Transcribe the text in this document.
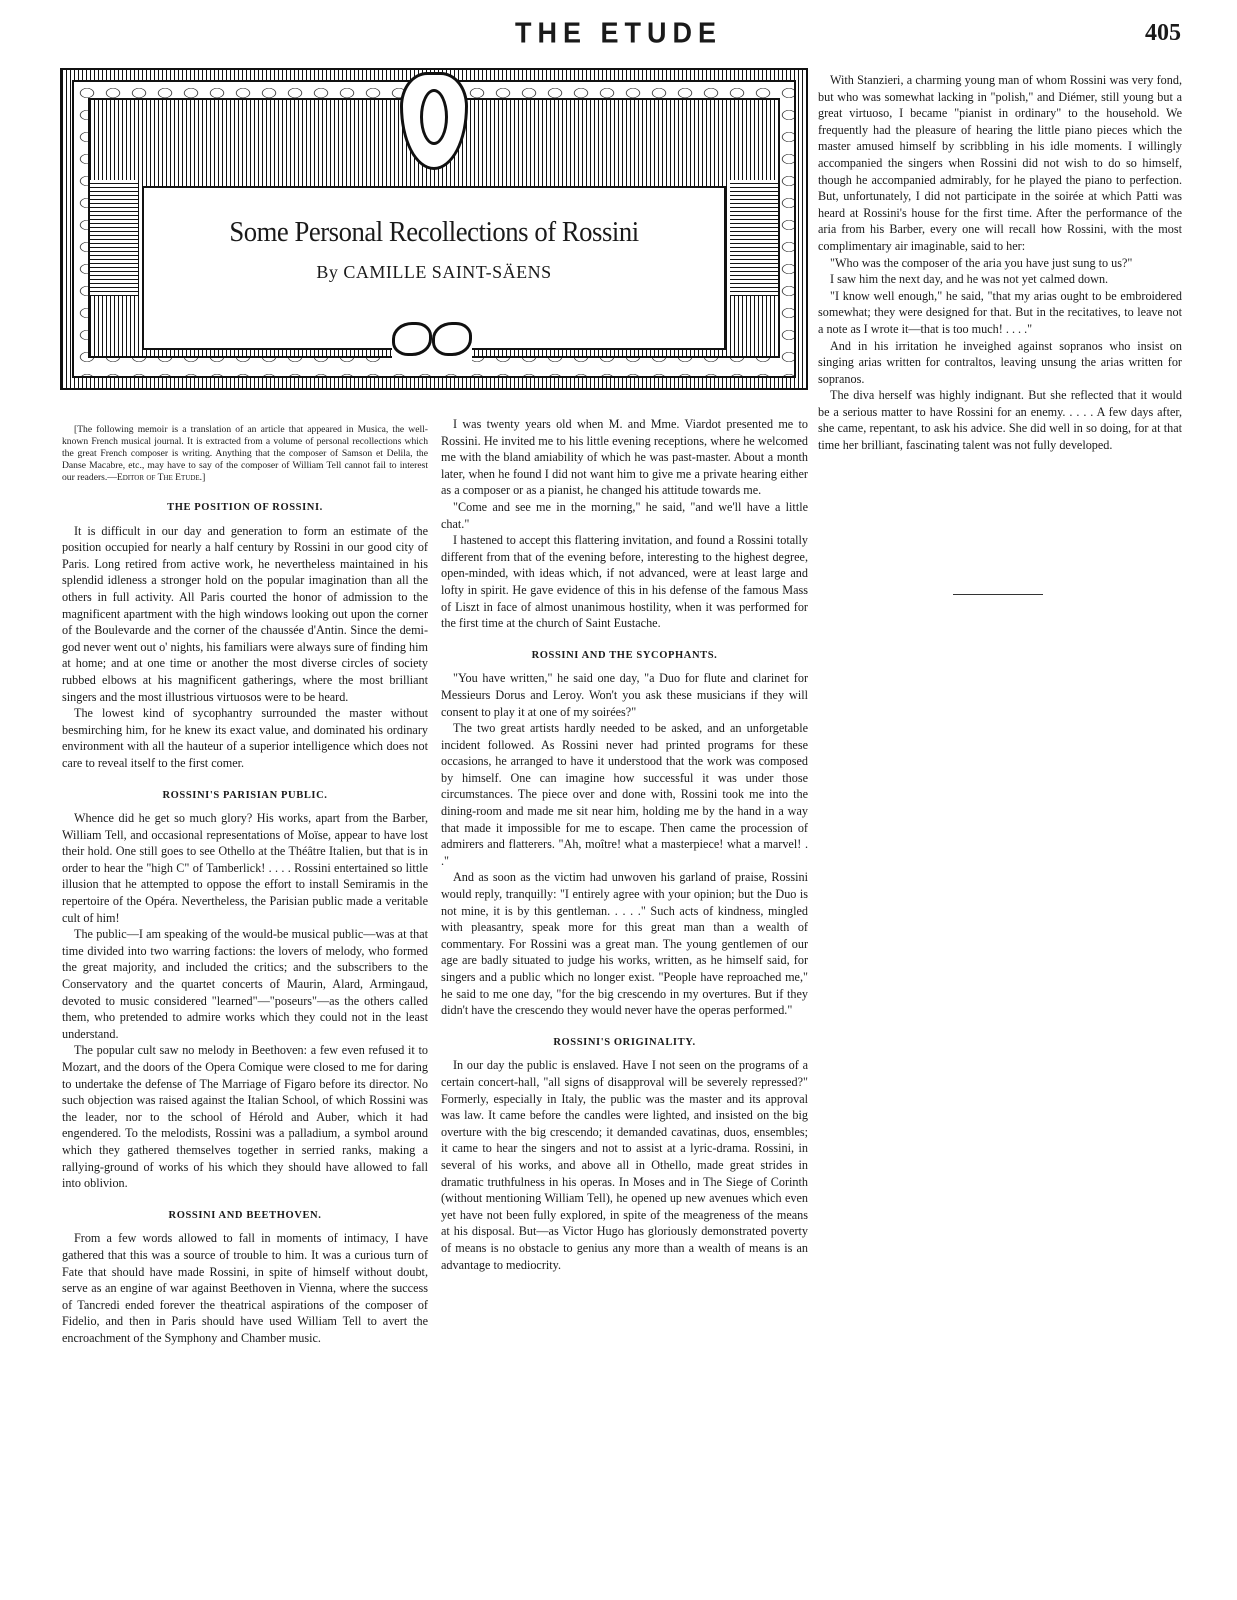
THE ETUDE	405
Some Personal Recollections of Rossini
By CAMILLE SAINT-SÄENS

[The following memoir is a translation of an article that appeared in Musica, the well-known French musical journal. It is extracted from a volume of personal recollections which the great French composer is writing. Anything that the composer of Samson et Delila, the Danse Macabre, etc., may have to say of the composer of William Tell cannot fail to interest our readers.—Editor of The Etude.]

THE POSITION OF ROSSINI.

It is difficult in our day and generation to form an estimate of the position occupied for nearly a half century by Rossini in our good city of Paris. Long retired from active work, he nevertheless maintained in his splendid idleness a stronger hold on the popular imagination than all the others in full activity. All Paris courted the honor of admission to the magnificent apartment with the high windows looking out upon the corner of the Boulevarde and the corner of the chaussée d'Antin. Since the demi-god never went out o' nights, his familiars were always sure of finding him at home; and at one time or another the most diverse circles of society rubbed elbows at his magnificent gatherings, where the most brilliant singers and the most illustrious virtuosos were to be heard.

The lowest kind of sycophantry surrounded the master without besmirching him, for he knew its exact value, and dominated his ordinary environment with all the hauteur of a superior intelligence which does not care to reveal itself to the first comer.

ROSSINI'S PARISIAN PUBLIC.

Whence did he get so much glory? His works, apart from the Barber, William Tell, and occasional representations of Moïse, appear to have lost their hold. One still goes to see Othello at the Théâtre Italien, but that is in order to hear the "high C" of Tamberlick! . . . . Rossini entertained so little illusion that he attempted to oppose the effort to install Semiramis in the repertoire of the Opéra. Nevertheless, the Parisian public made a veritable cult of him!

The public—I am speaking of the would-be musical public—was at that time divided into two warring factions: the lovers of melody, who formed the great majority, and included the critics; and the subscribers to the Conservatory and the quartet concerts of Maurin, Alard, Armingaud, devoted to music considered "learned"—"poseurs"—as the others called them, who pretended to admire works which they could not in the least understand.

The popular cult saw no melody in Beethoven: a few even refused it to Mozart, and the doors of the Opera Comique were closed to me for daring to undertake the defense of The Marriage of Figaro before its director. No such objection was raised against the Italian School, of which Rossini was the leader, nor to the school of Hérold and Auber, which it had engendered. To the melodists, Rossini was a palladium, a symbol around which they gathered themselves together in serried ranks, making a rallying-ground of works of his which they should have allowed to fall into oblivion.

ROSSINI AND BEETHOVEN.

From a few words allowed to fall in moments of intimacy, I have gathered that this was a source of trouble to him. It was a curious turn of Fate that should have made Rossini, in spite of himself without doubt, serve as an engine of war against Beethoven in Vienna, where the success of Tancredi ended forever the theatrical aspirations of the composer of Fidelio, and then in Paris should have used William Tell to avert the encroachment of the Symphony and Chamber music.

I was twenty years old when M. and Mme. Viardot presented me to Rossini. He invited me to his little evening receptions, where he welcomed me with the bland amiability of which he was past-master. About a month later, when he found I did not want him to give me a private hearing either as a composer or as a pianist, he changed his attitude towards me.

"Come and see me in the morning," he said, "and we'll have a little chat."

I hastened to accept this flattering invitation, and found a Rossini totally different from that of the evening before, interesting to the highest degree, open-minded, with ideas which, if not advanced, were at least large and lofty in spirit. He gave evidence of this in his defense of the famous Mass of Liszt in face of almost unanimous hostility, when it was performed for the first time at the church of Saint Eustache.

ROSSINI AND THE SYCOPHANTS.

"You have written," he said one day, "a Duo for flute and clarinet for Messieurs Dorus and Leroy. Won't you ask these musicians if they will consent to play it at one of my soirées?"

The two great artists hardly needed to be asked, and an unforgetable incident followed. As Rossini never had printed programs for these occasions, he arranged to have it understood that the work was composed by himself. One can imagine how successful it was under those circumstances. The piece over and done with, Rossini took me into the dining-room and made me sit near him, holding me by the hand in a way that made it impossible for me to escape. Then came the procession of admirers and flatterers. "Ah, moître! what a masterpiece! what a marvel! . ."

And as soon as the victim had unwoven his garland of praise, Rossini would reply, tranquilly: "I entirely agree with your opinion; but the Duo is not mine, it is by this gentleman. . . . ." Such acts of kindness, mingled with pleasantry, speak more for this great man than a wealth of commentary. For Rossini was a great man. The young gentlemen of our age are badly situated to judge his works, written, as he himself said, for singers and a public which no longer exist. "People have reproached me," he said to me one day, "for the big crescendo in my overtures. But if they didn't have the crescendo they would never have the operas performed."

ROSSINI'S ORIGINALITY.

In our day the public is enslaved. Have I not seen on the programs of a certain concert-hall, "all signs of disapproval will be severely repressed?" Formerly, especially in Italy, the public was the master and its approval was law. It came before the candles were lighted, and insisted on the big overture with the big crescendo; it demanded cavatinas, duos, ensembles; it came to hear the singers and not to assist at a lyric-drama. Rossini, in several of his works, and above all in Othello, made great strides in dramatic truthfulness in his operas. In Moses and in The Siege of Corinth (without mentioning William Tell), he opened up new avenues which even yet have not been fully explored, in spite of the meagreness of the means at his disposal. But—as Victor Hugo has gloriously demonstrated poverty of means is no obstacle to genius any more than a wealth of means is an advantage to mediocrity.

With Stanzieri, a charming young man of whom Rossini was very fond, but who was somewhat lacking in "polish," and Diémer, still young but a great virtuoso, I became "pianist in ordinary" to the household. We frequently had the pleasure of hearing the little piano pieces which the master amused himself by scribbling in his idle moments. I willingly accompanied the singers when Rossini did not wish to do so himself, though he accompanied admirably, for he played the piano to perfection. But, unfortunately, I did not participate in the soirée at which Patti was heard at Rossini's house for the first time. After the performance of the aria from his Barber, every one will recall how Rossini, with the most complimentary air imaginable, said to her:

"Who was the composer of the aria you have just sung to us?"

I saw him the next day, and he was not yet calmed down.

"I know well enough," he said, "that my arias ought to be embroidered somewhat; they were designed for that. But in the recitatives, to leave not a note as I wrote it—that is too much! . . . ."

And in his irritation he inveighed against sopranos who insist on singing arias written for contraltos, leaving unsung the arias written for sopranos.

The diva herself was highly indignant. But she reflected that it would be a serious matter to have Rossini for an enemy. . . . . A few days after, she came, repentant, to ask his advice. She did well in so doing, for at that time her brilliant, fascinating talent was not fully developed.
